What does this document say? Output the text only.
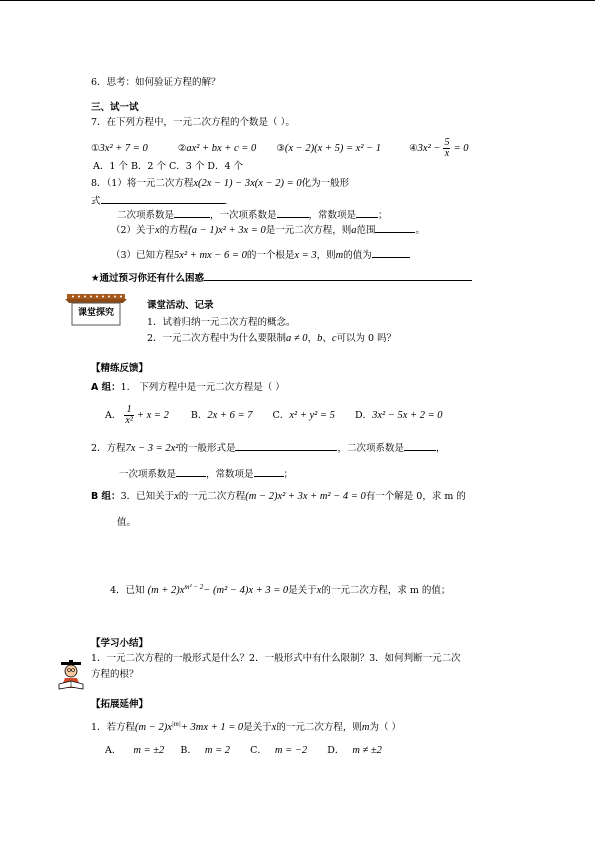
6．思考：如何验证方程的解？
三、试一试
7．在下列方程中，一元二次方程的个数是（ ）。
①3x² + 7 = 0	②ax² + bx + c = 0 ③(x − 2)(x + 5) = x² − 1	④3x² − $\frac{5}{x} = 0$
A．1 个 B．2 个 C．3 个 D．4 个
8．（1）将一元二次方程x(2x − 1) − 3x(x − 2) = 0化为一般形
式	.
二次项系数是	，一次项系数是	，常数项是 ；
（2）关于x的方程(a − 1)x² + 3x = 0是一元二次方程，则a范围	。
（3）已知方程5x² + mx − 6 = 0的一个根是x = 3，则m的值为
★通过预习你还有什么困惑
课堂探究
课堂活动、记录
1．试着归纳一元二次方程的概念。
2．一元二次方程中为什么要限制a ≠ 0，b、c可以为 0 吗？
【精练反馈】
A 组：1． 下列方程中是一元二次方程是（ ）
A． $\frac{1}{\text{x²}} + x = 2$ B．2x + 6 = 7 C．x² + y² = 5 D．3x² − 5x + 2 = 0
2．方程7x − 3 = 2x²的一般形式是	，二次项系数是	，
一次项系数是	，常数项是	；
B 组：3．已知关于x的一元二次方程(m − 2)x² + 3x + m² − 4 = 0有一个解是 0，求 m 的
值。
4．已知 $(m + 2)x^{m^2 - 2}- (m^2 - 4)x + 3 = 0$是关于x的一元二次方程，求 m 的值；
【学习小结】
1．一元二次方程的一般形式是什么？2．一般形式中有什么限制？3．如何判断一元二次
方程的根？
【拓展延伸】
1．若方程$(m - 2)x^{|m|}+ 3mx + 1 = 0$是关于x的一元二次方程，则m为（ ）
A． m = ±2 B． m = 2 C． m = −2 D． m ≠ ±2
